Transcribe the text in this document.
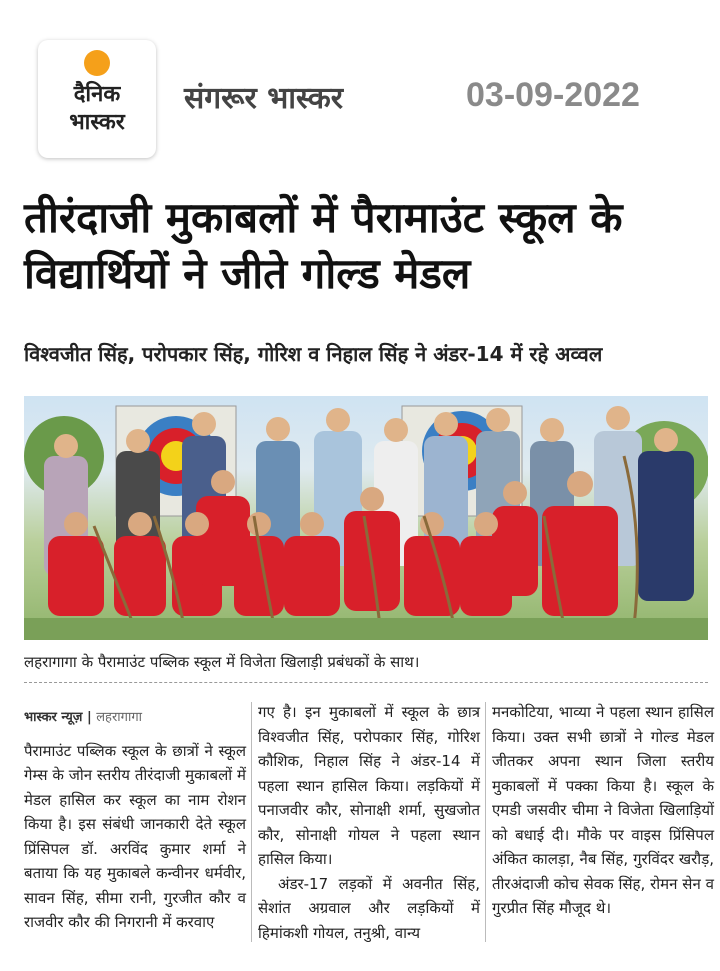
दैनिक
भास्कर
संगरूर भास्कर	03-09-2022
तीरंदाजी मुकाबलों में पैरामाउंट स्कूल के विद्यार्थियों ने जीते गोल्ड मेडल
विश्वजीत सिंह, परोपकार सिंह, गोरिश व निहाल सिंह ने अंडर-14 में रहे अव्वल
लहरागागा के पैरामाउंट पब्लिक स्कूल में विजेता खिलाड़ी प्रबंधकों के साथ।

भास्कर न्यूज़ | लहरागागा

पैरामाउंट पब्लिक स्कूल के छात्रों ने स्कूल गेम्स के जोन स्तरीय तीरंदाजी मुकाबलों में मेडल हासिल कर स्कूल का नाम रोशन किया है। इस संबंधी जानकारी देते स्कूल प्रिंसिपल डॉ. अरविंद कुमार शर्मा ने बताया कि यह मुकाबले कन्वीनर धर्मवीर, सावन सिंह, सीमा रानी, गुरजीत कौर व राजवीर कौर की निगरानी में करवाए

गए है। इन मुकाबलों में स्कूल के छात्र विश्वजीत सिंह, परोपकार सिंह, गोरिश कौशिक, निहाल सिंह ने अंडर-14 में पहला स्थान हासिल किया। लड़कियों में पनाजवीर कौर, सोनाक्षी शर्मा, सुखजोत कौर, सोनाक्षी गोयल ने पहला स्थान हासिल किया।

अंडर-17 लड़कों में अवनीत सिंह, सेशांत अग्रवाल और लड़कियों में हिमांकशी गोयल, तनुश्री, वान्य

मनकोटिया, भाव्या ने पहला स्थान हासिल किया। उक्त सभी छात्रों ने गोल्ड मेडल जीतकर अपना स्थान जिला स्तरीय मुकाबलों में पक्का किया है। स्कूल के एमडी जसवीर चीमा ने विजेता खिलाड़ियों को बधाई दी। मौके पर वाइस प्रिंसिपल अंकित कालड़ा, नैब सिंह, गुरविंदर खरौड़, तीरअंदाजी कोच सेवक सिंह, रोमन सेन व गुरप्रीत सिंह मौजूद थे।
